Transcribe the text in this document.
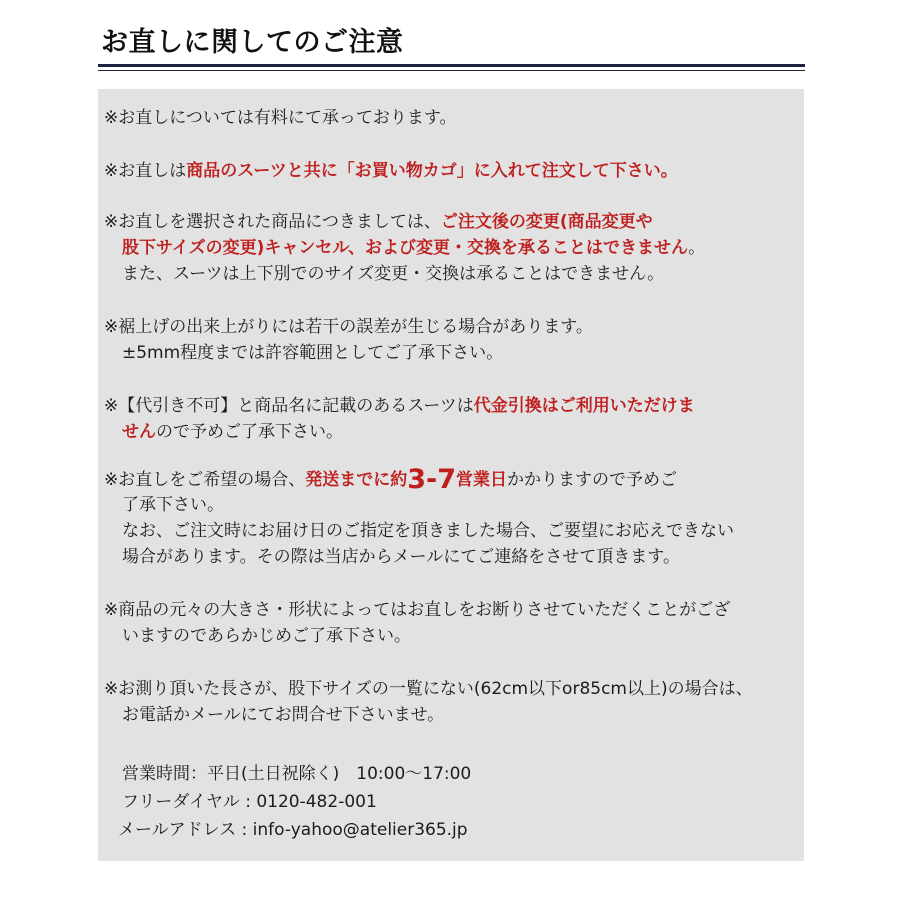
お直しに関してのご注意
※お直しについては有料にて承っております。
※お直しは商品のスーツと共に「お買い物カゴ」に入れて注文して下さい。
※お直しを選択された商品につきましては、ご注文後の変更(商品変更や
股下サイズの変更)キャンセル、および変更・交換を承ることはできません。
また、スーツは上下別でのサイズ変更・交換は承ることはできません。
※裾上げの出来上がりには若干の誤差が生じる場合があります。
±5mm程度までは許容範囲としてご了承下さい。
※【代引き不可】と商品名に記載のあるスーツは代金引換はご利用いただけま
せんので予めご了承下さい。
※お直しをご希望の場合、発送までに約3-7営業日かかりますので予めご
了承下さい。
なお、ご注文時にお届け日のご指定を頂きました場合、ご要望にお応えできない
場合があります。その際は当店からメールにてご連絡をさせて頂きます。
※商品の元々の大きさ・形状によってはお直しをお断りさせていただくことがござ
いますのであらかじめご了承下さい。
※お測り頂いた長さが、股下サイズの一覧にない(62cm以下or85cm以上)の場合は、
お電話かメールにてお問合せ下さいませ。
営業時間：平日(土日祝除く)　10:00〜17:00
フリーダイヤル : 0120-482-001
メールアドレス : info-yahoo@atelier365.jp
